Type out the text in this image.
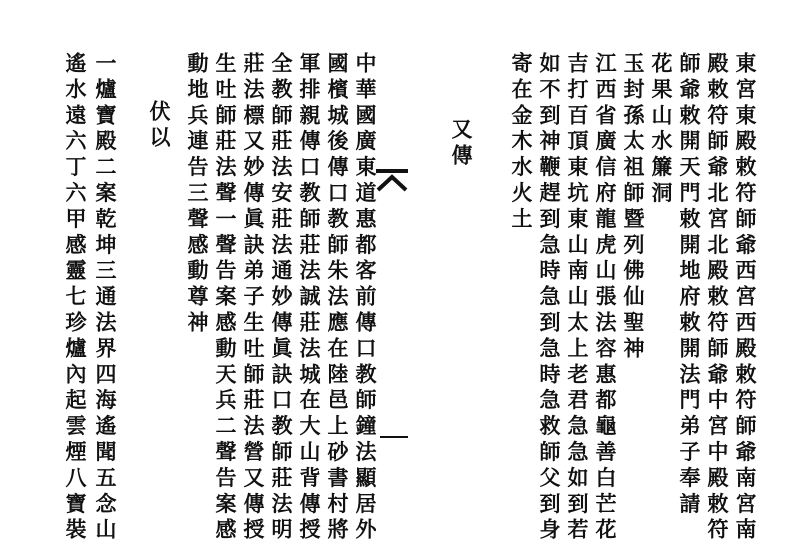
東宮東殿敕符師爺西宮西殿敕符師爺南宮南
殿敕符師爺北宮北殿敕符師爺中宮中殿敕符
師爺敕開天門敕開地府敕開法門弟子奉請
花果山水簾洞
玉封孫太祖師暨列佛仙聖神
江西省廣信府龍虎山張法容惠都龜善白芒花
吉打百頂東坑東山南山太上老君急急如到若
如不到神鞭趕到急時急到急時急救師父到身
寄在金木水火土
又傳
中華國廣東道惠都客前傳口教師鐘法顯居外
國檳城後傳口教師朱法應在陸邑上砂書村將
軍排親傳口教師莊法誠莊法城在大山背傳授
全教師莊法安莊法通妙傳眞訣口教師莊法明
莊法標又妙傳眞訣弟子生吐師莊法營又傳授
生吐師莊法聲一聲告案感動天兵二聲告案感
動地兵連告三聲感動尊神
伏以
一爐寶殿二案乾坤三通法界四海遙聞五念山
遙水遠六丁六甲感靈七珍爐內起雲煙八寶裝
